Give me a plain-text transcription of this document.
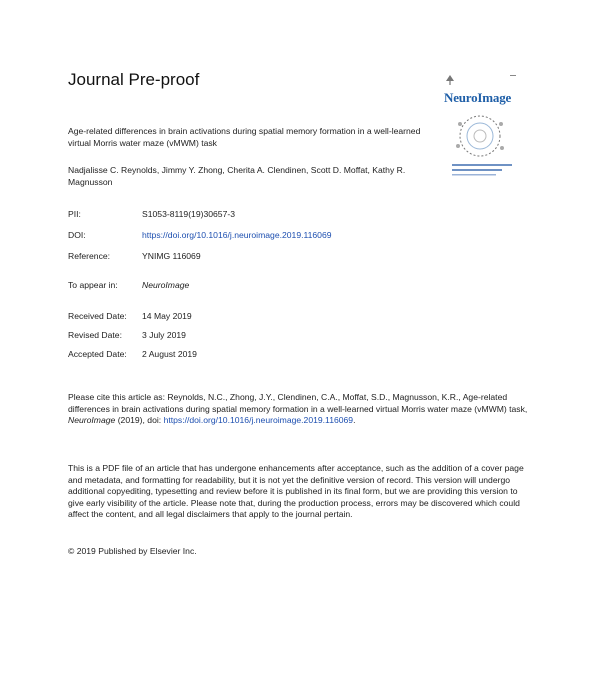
Journal Pre-proof
NeuroImage
Age-related differences in brain activations during spatial memory formation in a well-learned virtual Morris water maze (vMWM) task
Nadjalisse C. Reynolds, Jimmy Y. Zhong, Cherita A. Clendinen, Scott D. Moffat, Kathy R. Magnusson
PII:	S1053-8119(19)30657-3
DOI:	https://doi.org/10.1016/j.neuroimage.2019.116069
Reference:	YNIMG 116069
To appear in:	NeuroImage
Received Date: 14 May 2019
Revised Date: 3 July 2019
Accepted Date: 2 August 2019
Please cite this article as: Reynolds, N.C., Zhong, J.Y., Clendinen, C.A., Moffat, S.D., Magnusson, K.R., Age-related differences in brain activations during spatial memory formation in a well-learned virtual Morris water maze (vMWM) task, NeuroImage (2019), doi: https://doi.org/10.1016/j.neuroimage.2019.116069.
This is a PDF file of an article that has undergone enhancements after acceptance, such as the addition of a cover page and metadata, and formatting for readability, but it is not yet the definitive version of record. This version will undergo additional copyediting, typesetting and review before it is published in its final form, but we are providing this version to give early visibility of the article. Please note that, during the production process, errors may be discovered which could affect the content, and all legal disclaimers that apply to the journal pertain.
© 2019 Published by Elsevier Inc.
